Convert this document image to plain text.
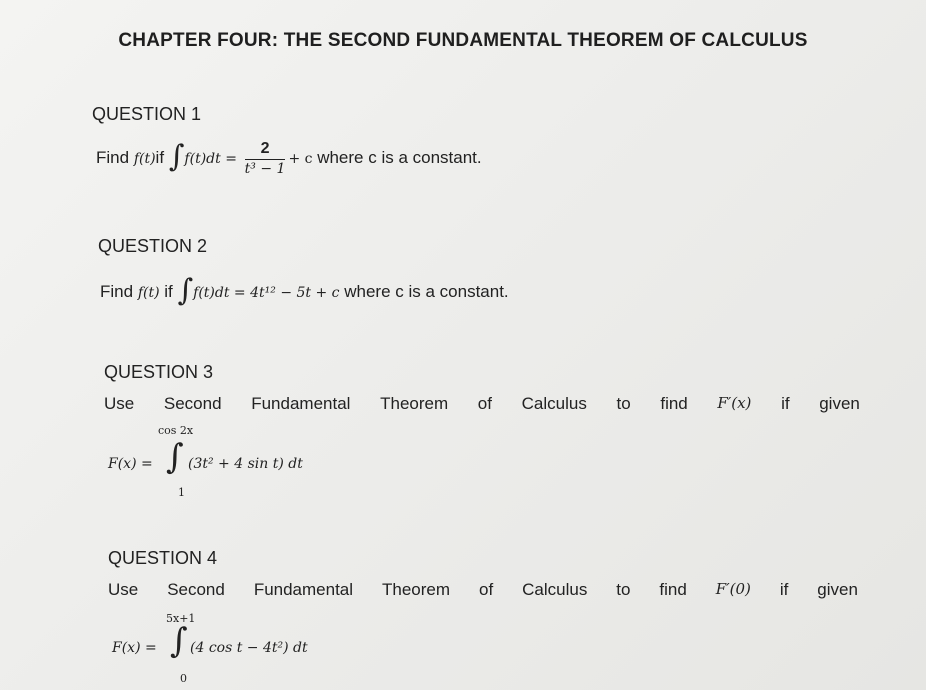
CHAPTER FOUR: THE SECOND FUNDAMENTAL THEOREM OF CALCULUS
QUESTION 1
Find f(t)if $\int f(t)dt = \frac{2}{\text{t³ − 1}} + c$ where c is a constant.
QUESTION 2
Find f(t) if ∫f(t)dt = 4t¹² − 5t + c where c is a constant.
QUESTION 3
Use Second Fundamental Theorem of Calculus to find F′(x) if given
F(x) =
cos 2x
∫
1
(3t² + 4 sin t) dt
QUESTION 4
Use Second Fundamental Theorem of Calculus to find F′(0) if given
F(x) =
5x+1
∫
0
(4 cos t − 4t²) dt
